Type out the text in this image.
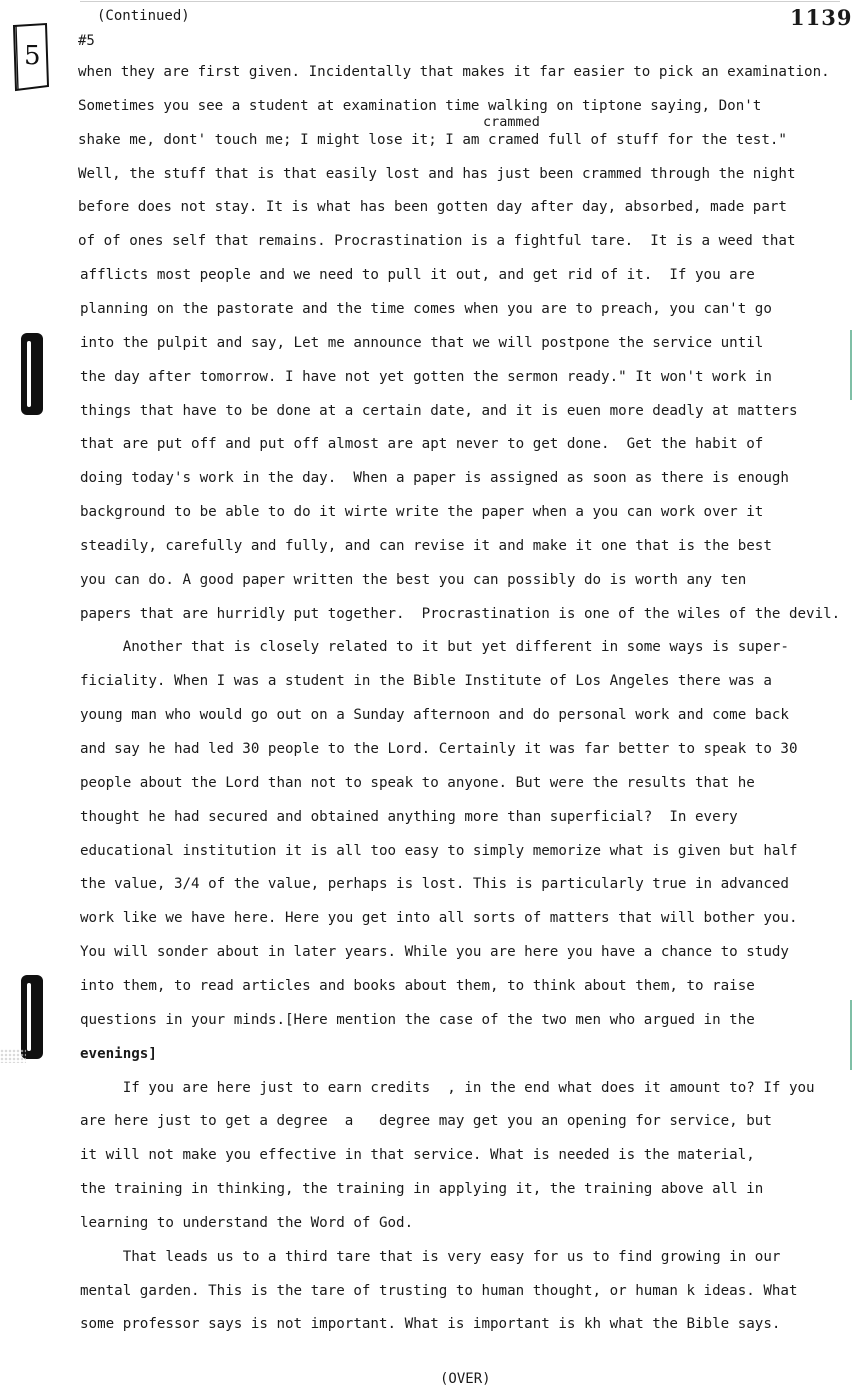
(Continued)	1139
5	#5
crammed
when they are first given. Incidentally that makes it far easier to pick an examination.
Sometimes you see a student at examination time walking on tiptone saying, Don't
shake me, dont' touch me; I might lose it; I am cramed full of stuff for the test."
Well, the stuff that is that easily lost and has just been crammed through the night
before does not stay. It is what has been gotten day after day, absorbed, made part
of of ones self that remains. Procrastination is a fightful tare.  It is a weed that
afflicts most people and we need to pull it out, and get rid of it.  If you are
planning on the pastorate and the time comes when you are to preach, you can't go
into the pulpit and say, Let me announce that we will postpone the service until
the day after tomorrow. I have not yet gotten the sermon ready." It won't work in
things that have to be done at a certain date, and it is euen more deadly at matters
that are put off and put off almost are apt never to get done.  Get the habit of
doing today's work in the day.  When a paper is assigned as soon as there is enough
background to be able to do it wirte write the paper when a you can work over it
steadily, carefully and fully, and can revise it and make it one that is the best
you can do. A good paper written the best you can possibly do is worth any ten
papers that are hurridly put together.  Procrastination is one of the wiles of the devil.
Another that is closely related to it but yet different in some ways is super-
ficiality. When I was a student in the Bible Institute of Los Angeles there was a
young man who would go out on a Sunday afternoon and do personal work and come back
and say he had led 30 people to the Lord. Certainly it was far better to speak to 30
people about the Lord than not to speak to anyone. But were the results that he
thought he had secured and obtained anything more than superficial?  In every
educational institution it is all too easy to simply memorize what is given but half
the value, 3/4 of the value, perhaps is lost. This is particularly true in advanced
work like we have here. Here you get into all sorts of matters that will bother you.
You will sonder about in later years. While you are here you have a chance to study
into them, to read articles and books about them, to think about them, to raise
questions in your minds.[Here mention the case of the two men who argued in the
evenings]
If you are here just to earn credits  , in the end what does it amount to? If you
are here just to get a degree  a   degree may get you an opening for service, but
it will not make you effective in that service. What is needed is the material,
the training in thinking, the training in applying it, the training above all in
learning to understand the Word of God.
That leads us to a third tare that is very easy for us to find growing in our
mental garden. This is the tare of trusting to human thought, or human k ideas. What
some professor says is not important. What is important is kh what the Bible says.
(OVER)
